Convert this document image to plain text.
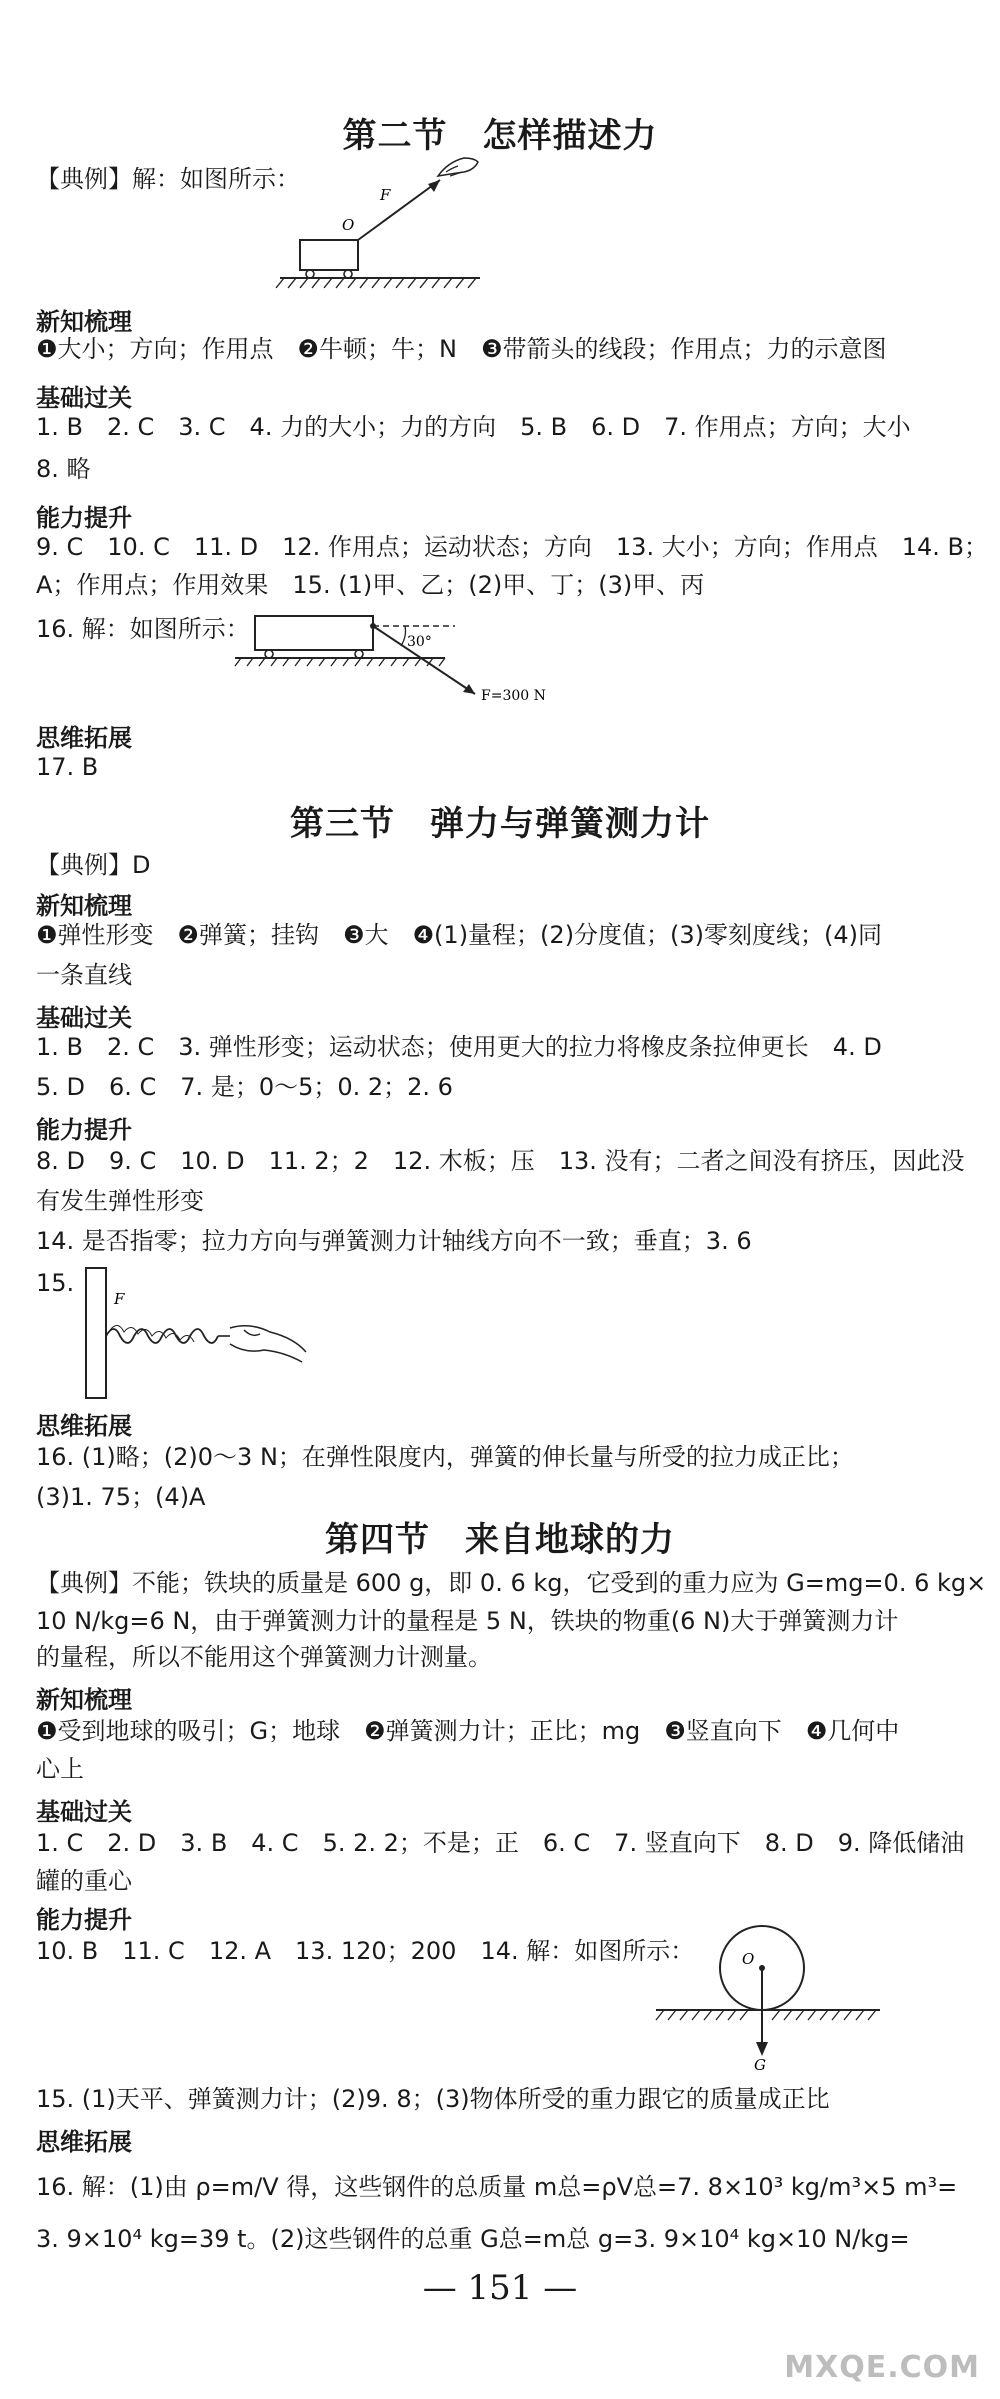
第二节　怎样描述力
【典例】解：如图所示：
O
F
新知梳理
❶大小；方向；作用点　❷牛顿；牛；N　❸带箭头的线段；作用点；力的示意图
基础过关
1. B　2. C　3. C　4. 力的大小；力的方向　5. B　6. D　7. 作用点；方向；大小
8. 略
能力提升
9. C　10. C　11. D　12. 作用点；运动状态；方向　13. 大小；方向；作用点　14. B；
A；作用点；作用效果　15. (1)甲、乙；(2)甲、丁；(3)甲、丙
16. 解：如图所示：	30°
F=300 N
思维拓展
17. B
第三节　弹力与弹簧测力计
【典例】D
新知梳理
❶弹性形变　❷弹簧；挂钩　❸大　❹(1)量程；(2)分度值；(3)零刻度线；(4)同
一条直线
基础过关
1. B　2. C　3. 弹性形变；运动状态；使用更大的拉力将橡皮条拉伸更长　4. D
5. D　6. C　7. 是；0～5；0. 2；2. 6
能力提升
8. D　9. C　10. D　11. 2；2　12. 木板；压　13. 没有；二者之间没有挤压，因此没
有发生弹性形变
14. 是否指零；拉力方向与弹簧测力计轴线方向不一致；垂直；3. 6
15.
F
思维拓展
16. (1)略；(2)0～3 N；在弹性限度内，弹簧的伸长量与所受的拉力成正比；
(3)1. 75；(4)A
第四节　来自地球的力
【典例】不能；铁块的质量是 600 g，即 0. 6 kg，它受到的重力应为 G=mg=0. 6 kg×
10 N/kg=6 N，由于弹簧测力计的量程是 5 N，铁块的物重(6 N)大于弹簧测力计
的量程，所以不能用这个弹簧测力计测量。
新知梳理
❶受到地球的吸引；G；地球　❷弹簧测力计；正比；mg　❸竖直向下　❹几何中
心上
基础过关
1. C　2. D　3. B　4. C　5. 2. 2；不是；正　6. C　7. 竖直向下　8. D　9. 降低储油
罐的重心
能力提升
10. B　11. C　12. A　13. 120；200　14. 解：如图所示：	O
G
15. (1)天平、弹簧测力计；(2)9. 8；(3)物体所受的重力跟它的质量成正比
思维拓展
16. 解：(1)由 ρ=m/V 得，这些钢件的总质量 m总=ρV总=7. 8×10³ kg/m³×5 m³=
3. 9×10⁴ kg=39 t。(2)这些钢件的总重 G总=m总 g=3. 9×10⁴ kg×10 N/kg=
— 151 —
MXQE.COM
